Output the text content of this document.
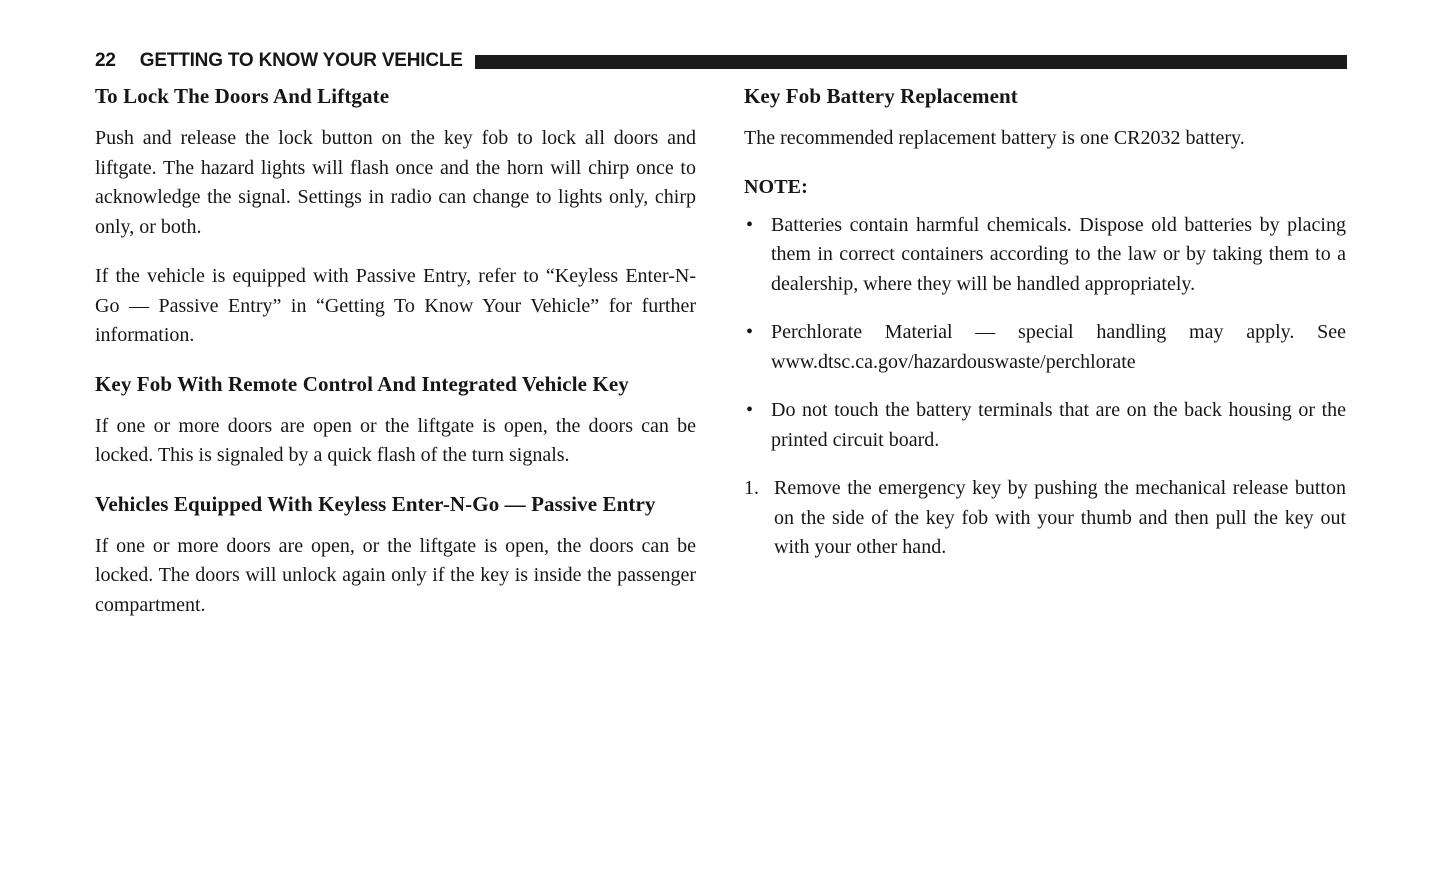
22 GETTING TO KNOW YOUR VEHICLE
To Lock The Doors And Liftgate

Push and release the lock button on the key fob to lock all doors and liftgate. The hazard lights will flash once and the horn will chirp once to acknowledge the signal. Settings in radio can change to lights only, chirp only, or both.

If the vehicle is equipped with Passive Entry, refer to “Keyless Enter-N-Go — Passive Entry” in “Getting To Know Your Vehicle” for further information.

Key Fob With Remote Control And Integrated Vehicle Key

If one or more doors are open or the liftgate is open, the doors can be locked. This is signaled by a quick flash of the turn signals.

Vehicles Equipped With Keyless Enter-N-Go — Passive Entry

If one or more doors are open, or the liftgate is open, the doors can be locked. The doors will unlock again only if the key is inside the passenger compartment.

Key Fob Battery Replacement

The recommended replacement battery is one CR2032 battery.

NOTE:
• Batteries contain harmful chemicals. Dispose old batteries by placing them in correct containers according to the law or by taking them to a dealership, where they will be handled appropriately.
• Perchlorate Material — special handling may apply. See www.dtsc.ca.gov/hazardouswaste/perchlorate
• Do not touch the battery terminals that are on the back housing or the printed circuit board.
1. Remove the emergency key by pushing the mechanical release button on the side of the key fob with your thumb and then pull the key out with your other hand.
